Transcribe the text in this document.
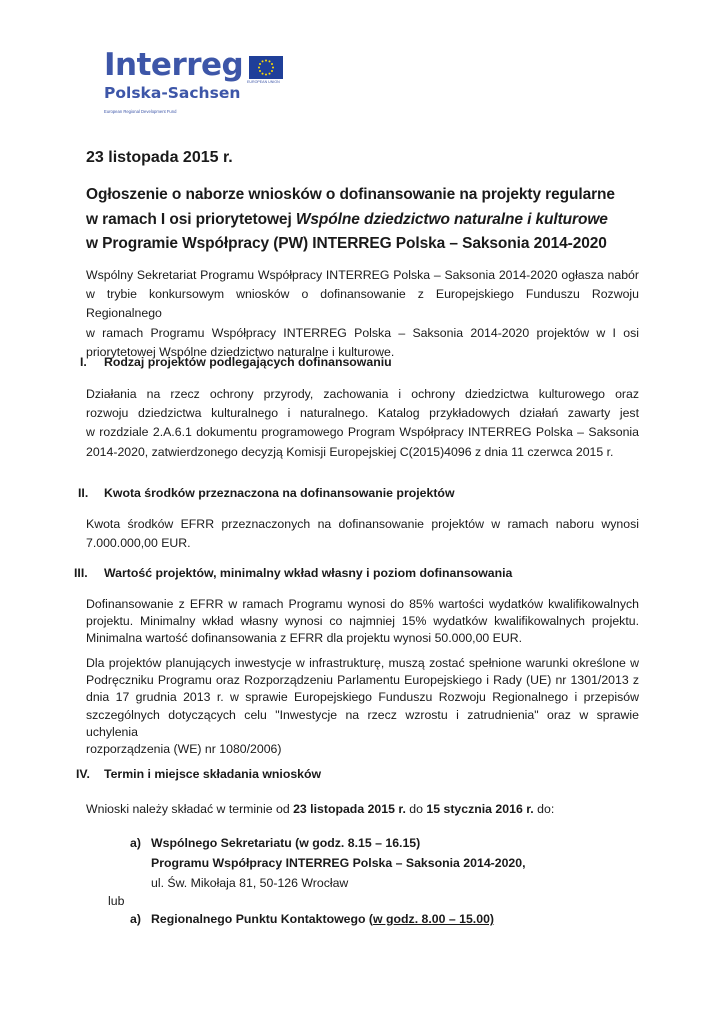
Interreg EUROPEAN UNION
Polska-Sachsen
European Regional Development Fund
23 listopada 2015 r.
Ogłoszenie o naborze wniosków o dofinansowanie na projekty regularne
w ramach I osi priorytetowej Wspólne dziedzictwo naturalne i kulturowe
w Programie Współpracy (PW) INTERREG Polska – Saksonia 2014-2020
Wspólny Sekretariat Programu Współpracy INTERREG Polska – Saksonia 2014-2020 ogłasza nabór
w trybie konkursowym wniosków o dofinansowanie z Europejskiego Funduszu Rozwoju Regionalnego
w ramach Programu Współpracy INTERREG Polska – Saksonia 2014-2020 projektów w I osi
priorytetowej Wspólne dziedzictwo naturalne i kulturowe.
I. Rodzaj projektów podlegających dofinansowaniu
Działania na rzecz ochrony przyrody, zachowania i ochrony dziedzictwa kulturowego oraz
rozwoju dziedzictwa kulturalnego i naturalnego. Katalog przykładowych działań zawarty jest
w rozdziale 2.A.6.1 dokumentu programowego Program Współpracy INTERREG Polska – Saksonia
2014-2020, zatwierdzonego decyzją Komisji Europejskiej C(2015)4096 z dnia 11 czerwca 2015 r.
II. Kwota środków przeznaczona na dofinansowanie projektów
Kwota środków EFRR przeznaczonych na dofinansowanie projektów w ramach naboru wynosi
7.000.000,00 EUR.
III. Wartość projektów, minimalny wkład własny i poziom dofinansowania
Dofinansowanie z EFRR w ramach Programu wynosi do 85% wartości wydatków kwalifikowalnych
projektu. Minimalny wkład własny wynosi co najmniej 15% wydatków kwalifikowalnych projektu.
Minimalna wartość dofinansowania z EFRR dla projektu wynosi 50.000,00 EUR.
Dla projektów planujących inwestycje w infrastrukturę, muszą zostać spełnione warunki określone w
Podręczniku Programu oraz Rozporządzeniu Parlamentu Europejskiego i Rady (UE) nr 1301/2013 z
dnia 17 grudnia 2013 r. w sprawie Europejskiego Funduszu Rozwoju Regionalnego i przepisów
szczególnych dotyczących celu "Inwestycje na rzecz wzrostu i zatrudnienia" oraz w sprawie uchylenia
rozporządzenia (WE) nr 1080/2006)
IV. Termin i miejsce składania wniosków
Wnioski należy składać w terminie od 23 listopada 2015 r. do 15 stycznia 2016 r. do:
a) Wspólnego Sekretariatu (w godz. 8.15 – 16.15)
Programu Współpracy INTERREG Polska – Saksonia 2014-2020,
ul. Św. Mikołaja 81, 50-126 Wrocław
lub
a) Regionalnego Punktu Kontaktowego (w godz. 8.00 – 15.00)
